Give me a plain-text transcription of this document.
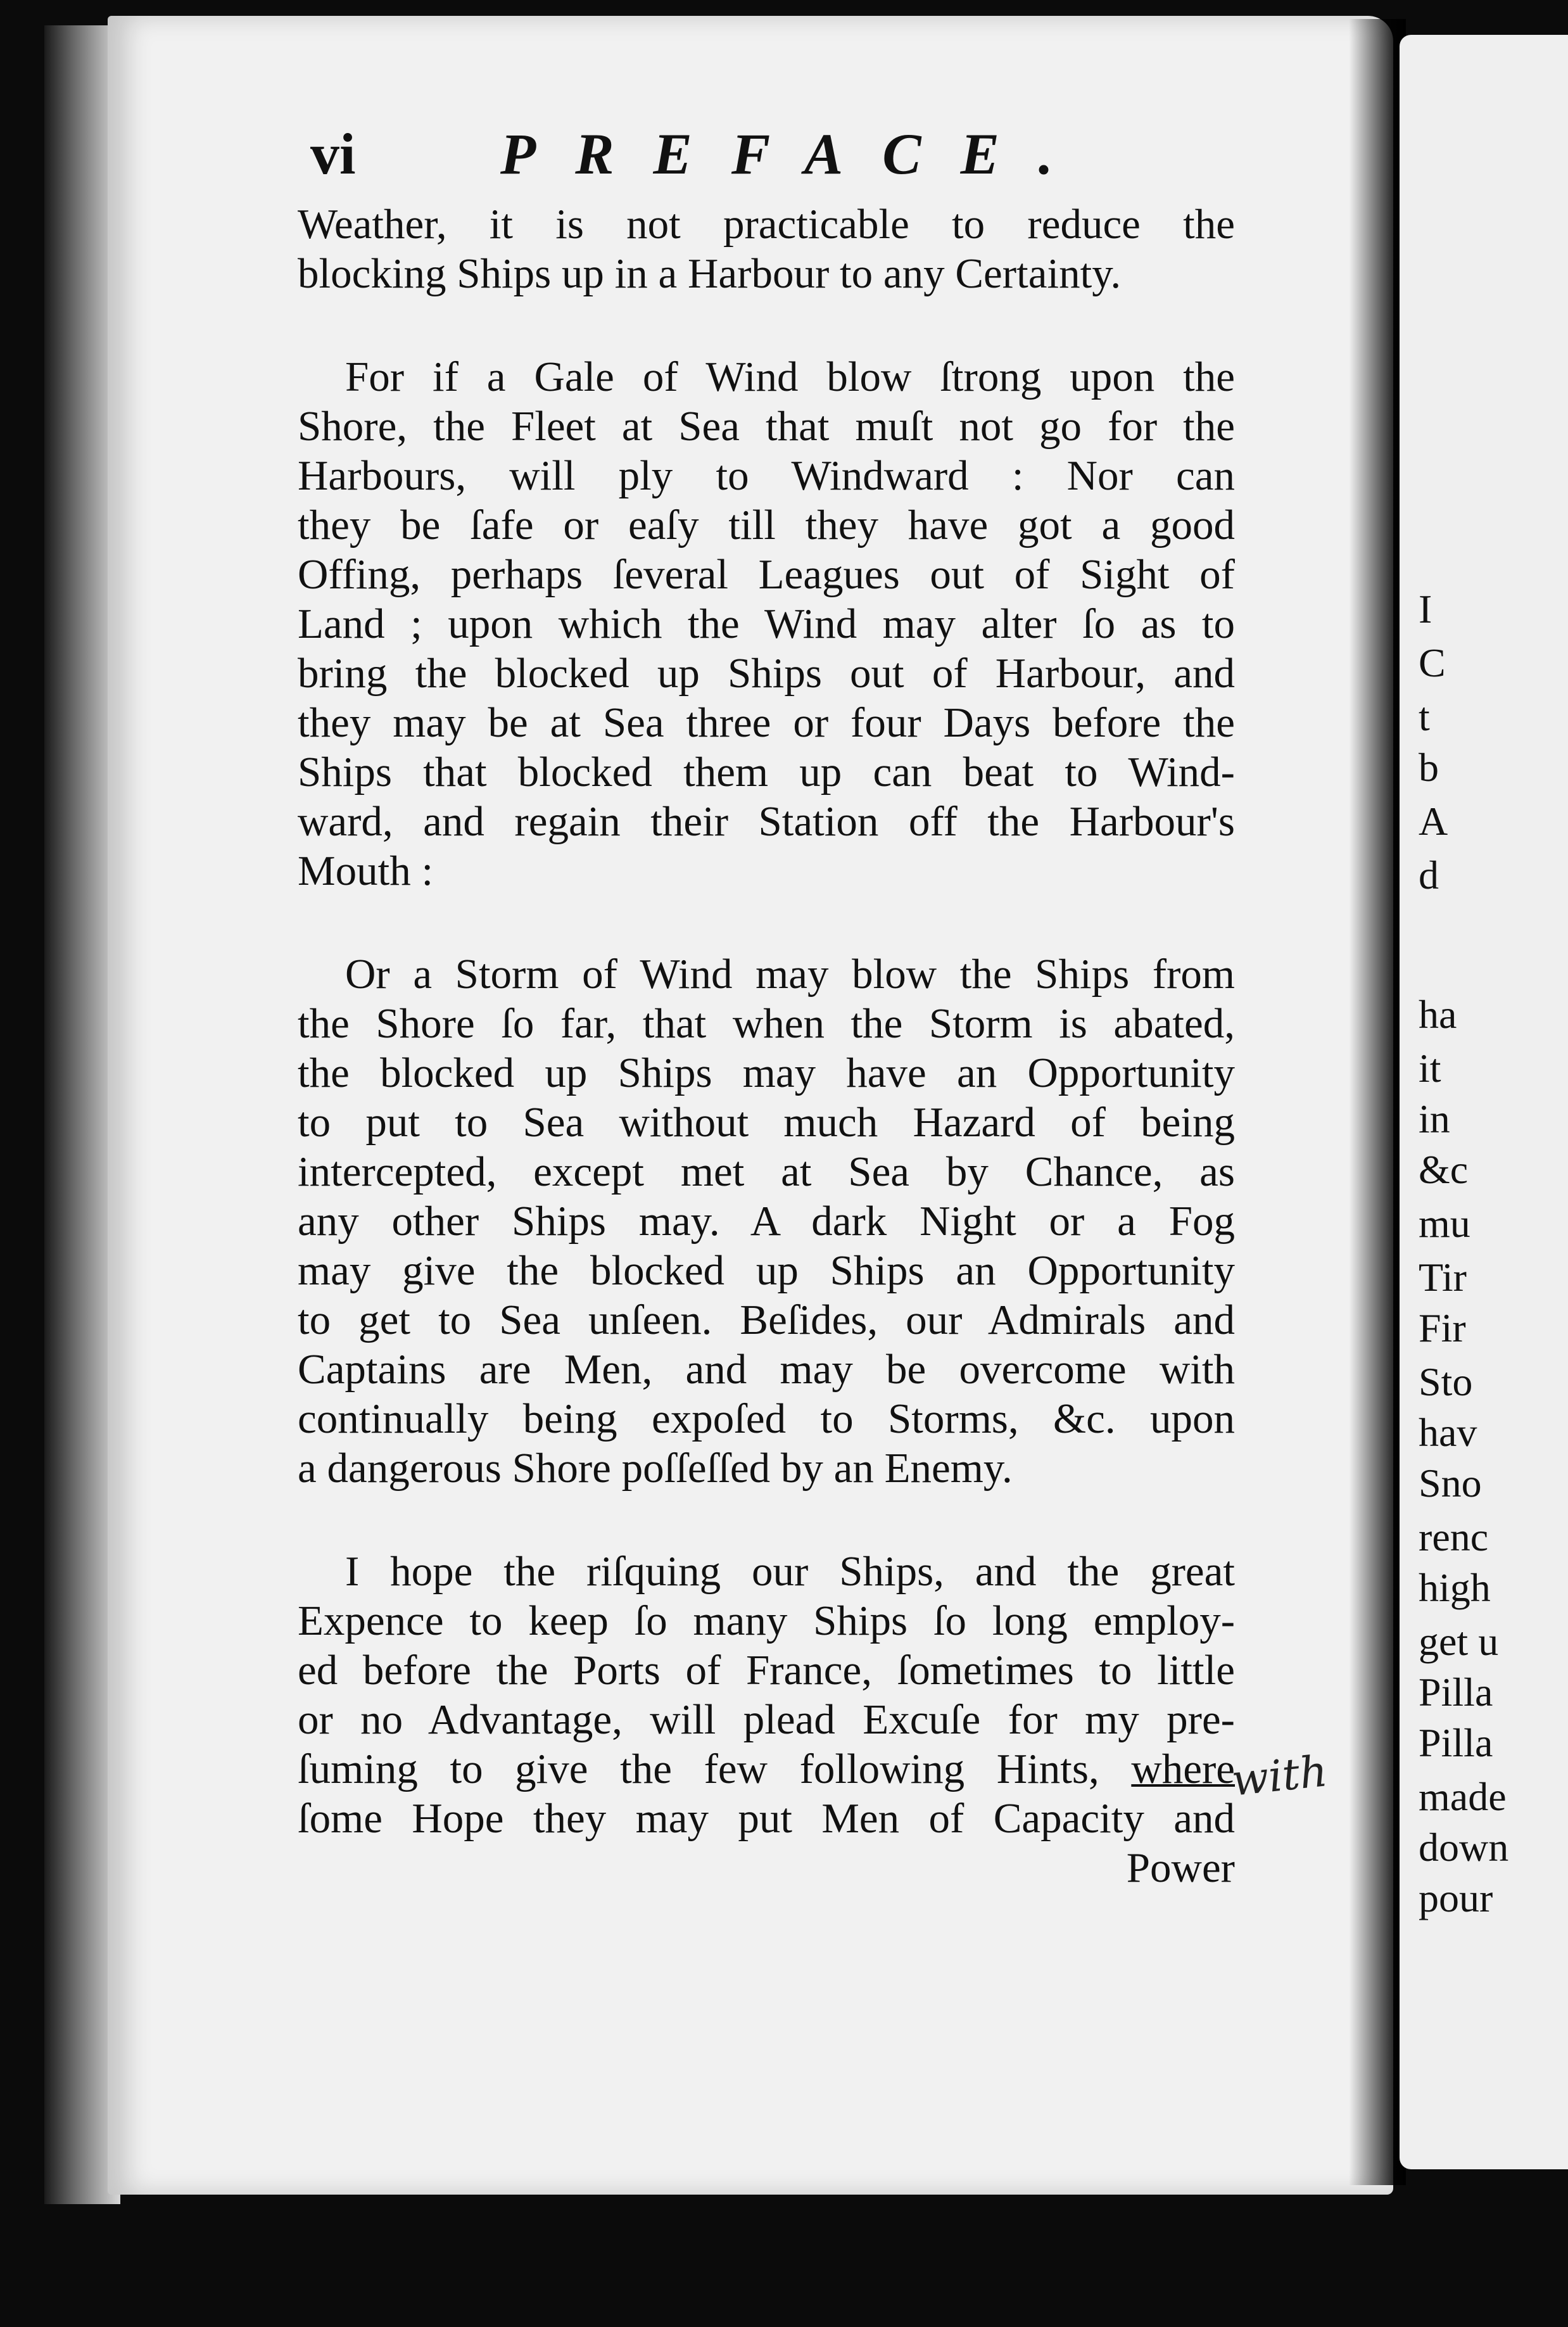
vi PREFACE.
Weather, it is not practicable to reduce the
blocking Ships up in a Harbour to any Certainty.
For if a Gale of Wind blow ſtrong upon the
Shore, the Fleet at Sea that muſt not go for the
Harbours, will ply to Windward : Nor can
they be ſafe or eaſy till they have got a good
Offing, perhaps ſeveral Leagues out of Sight of
Land ; upon which the Wind may alter ſo as to
bring the blocked up Ships out of Harbour, and
they may be at Sea three or four Days before the
Ships that blocked them up can beat to Wind-
ward, and regain their Station off the Harbour's
Mouth :
Or a Storm of Wind may blow the Ships from
the Shore ſo far, that when the Storm is abated,
the blocked up Ships may have an Opportunity
to put to Sea without much Hazard of being
intercepted, except met at Sea by Chance, as
any other Ships may. A dark Night or a Fog
may give the blocked up Ships an Opportunity
to get to Sea unſeen. Beſides, our Admirals and
Captains are Men, and may be overcome with
continually being expoſed to Storms, &c. upon
a dangerous Shore poſſeſſed by an Enemy.
I hope the riſquing our Ships, and the great
Expence to keep ſo many Ships ſo long employ-
ed before the Ports of France, ſometimes to little
or no Advantage, will plead Excuſe for my pre-
ſuming to give the few following Hints, where
ſome Hope they may put Men of Capacity and
Power
with
I
C
t
b
A
d
ha
it
in
&c
mu
Tir
Fir
Sto
hav
Sno
renc
high
get u
Pilla
Pilla
made
down
pour
